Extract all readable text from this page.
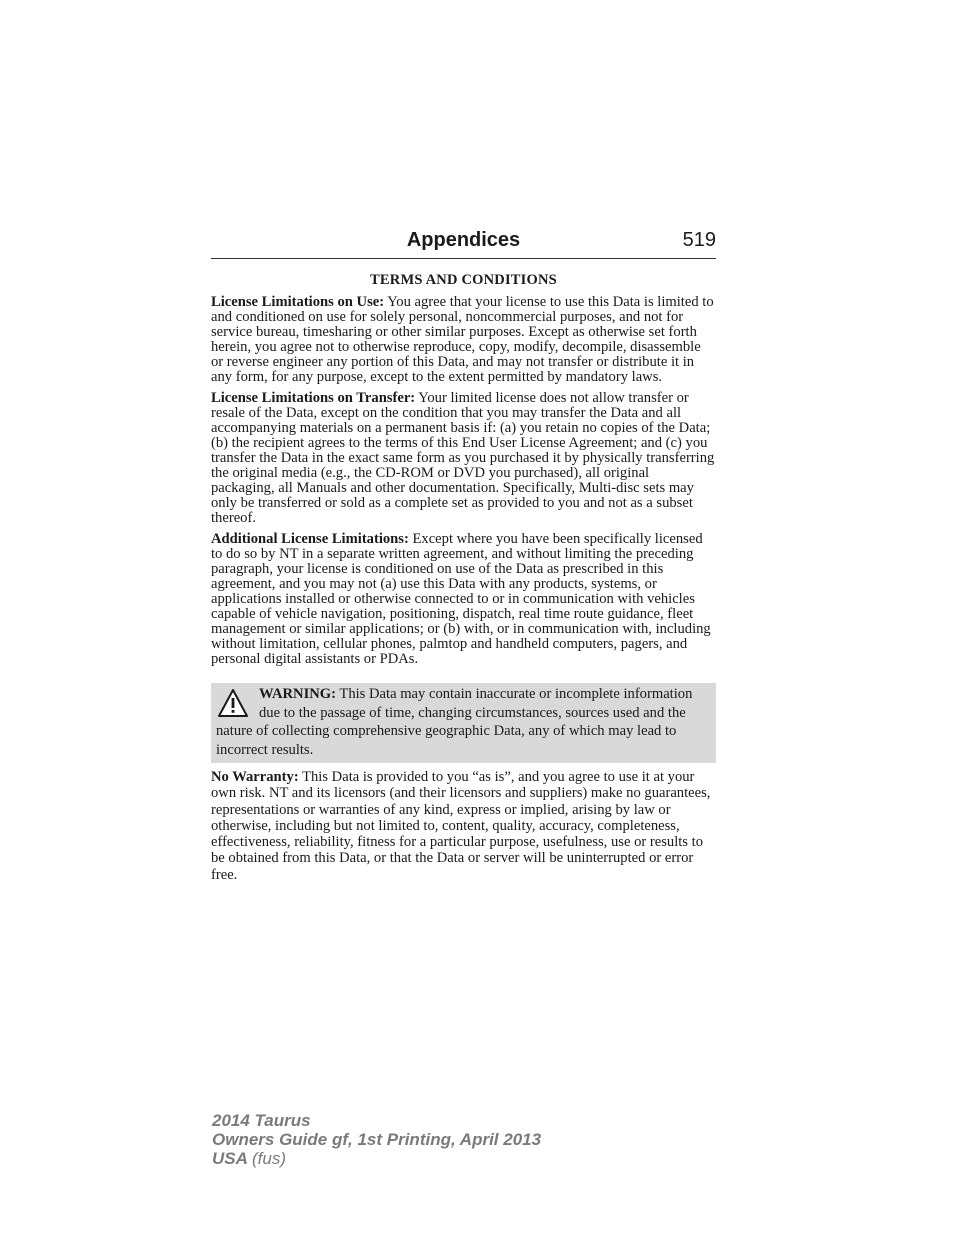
Appendices	519
TERMS AND CONDITIONS

License Limitations on Use: You agree that your license to use this Data is limited to and conditioned on use for solely personal, noncommercial purposes, and not for service bureau, timesharing or other similar purposes. Except as otherwise set forth herein, you agree not to otherwise reproduce, copy, modify, decompile, disassemble or reverse engineer any portion of this Data, and may not transfer or distribute it in any form, for any purpose, except to the extent permitted by mandatory laws.

License Limitations on Transfer: Your limited license does not allow transfer or resale of the Data, except on the condition that you may transfer the Data and all accompanying materials on a permanent basis if: (a) you retain no copies of the Data; (b) the recipient agrees to the terms of this End User License Agreement; and (c) you transfer the Data in the exact same form as you purchased it by physically transferring the original media (e.g., the CD-ROM or DVD you purchased), all original packaging, all Manuals and other documentation. Specifically, Multi-disc sets may only be transferred or sold as a complete set as provided to you and not as a subset thereof.

Additional License Limitations: Except where you have been specifically licensed to do so by NT in a separate written agreement, and without limiting the preceding paragraph, your license is conditioned on use of the Data as prescribed in this agreement, and you may not (a) use this Data with any products, systems, or applications installed or otherwise connected to or in communication with vehicles capable of vehicle navigation, positioning, dispatch, real time route guidance, fleet management or similar applications; or (b) with, or in communication with, including without limitation, cellular phones, palmtop and handheld computers, pagers, and personal digital assistants or PDAs.

WARNING: This Data may contain inaccurate or incomplete information due to the passage of time, changing circumstances, sources used and the nature of collecting comprehensive geographic Data, any of which may lead to incorrect results.

No Warranty: This Data is provided to you “as is”, and you agree to use it at your own risk. NT and its licensors (and their licensors and suppliers) make no guarantees, representations or warranties of any kind, express or implied, arising by law or otherwise, including but not limited to, content, quality, accuracy, completeness, effectiveness, reliability, fitness for a particular purpose, usefulness, use or results to be obtained from this Data, or that the Data or server will be uninterrupted or error free.

2014 Taurus
Owners Guide gf, 1st Printing, April 2013
USA (fus)
